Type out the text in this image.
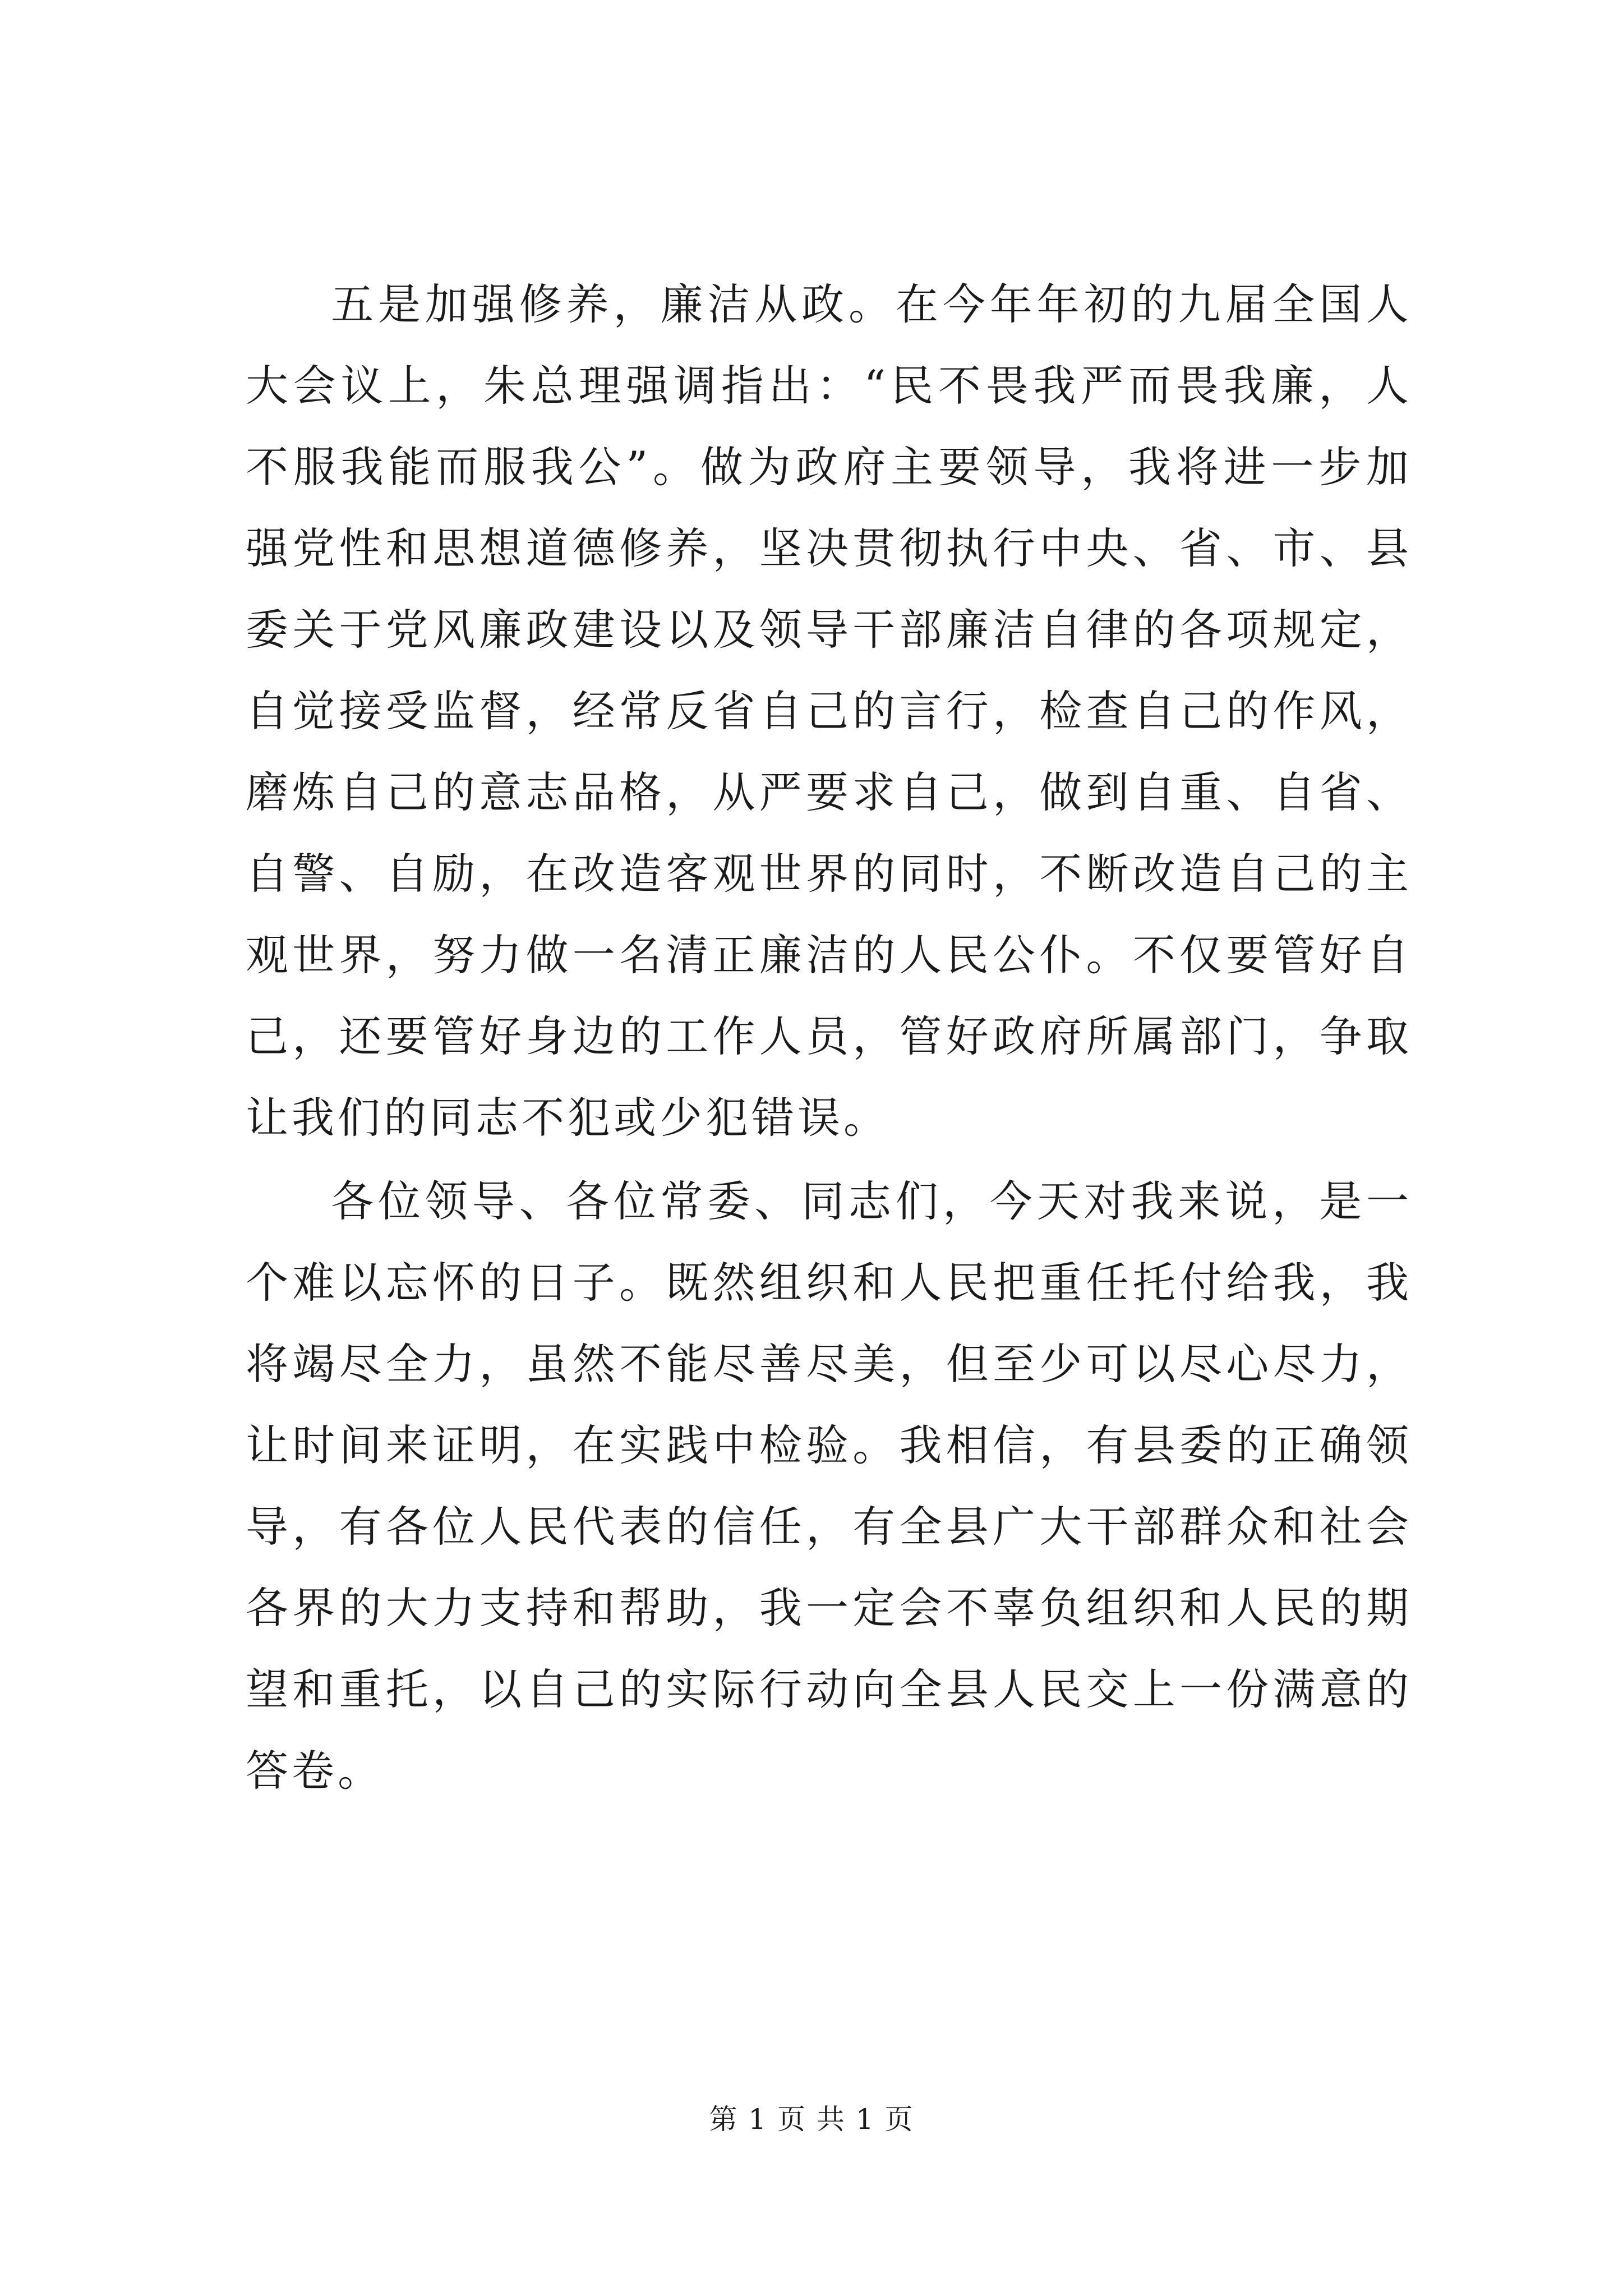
五是加强修养，廉洁从政。在今年年初的九届全国人大会议上，朱总理强调指出：“民不畏我严而畏我廉，人不服我能而服我公”。做为政府主要领导，我将进一步加强党性和思想道德修养，坚决贯彻执行中央、省、市、县委关于党风廉政建设以及领导干部廉洁自律的各项规定，自觉接受监督，经常反省自己的言行，检查自己的作风，磨炼自己的意志品格，从严要求自己，做到自重、自省、自警、自励，在改造客观世界的同时，不断改造自己的主观世界，努力做一名清正廉洁的人民公仆。不仅要管好自己，还要管好身边的工作人员，管好政府所属部门，争取让我们的同志不犯或少犯错误。

各位领导、各位常委、同志们，今天对我来说，是一个难以忘怀的日子。既然组织和人民把重任托付给我，我将竭尽全力，虽然不能尽善尽美，但至少可以尽心尽力，让时间来证明，在实践中检验。我相信，有县委的正确领导，有各位人民代表的信任，有全县广大干部群众和社会各界的大力支持和帮助，我一定会不辜负组织和人民的期望和重托，以自己的实际行动向全县人民交上一份满意的答卷。

第 1 页 共 1 页
